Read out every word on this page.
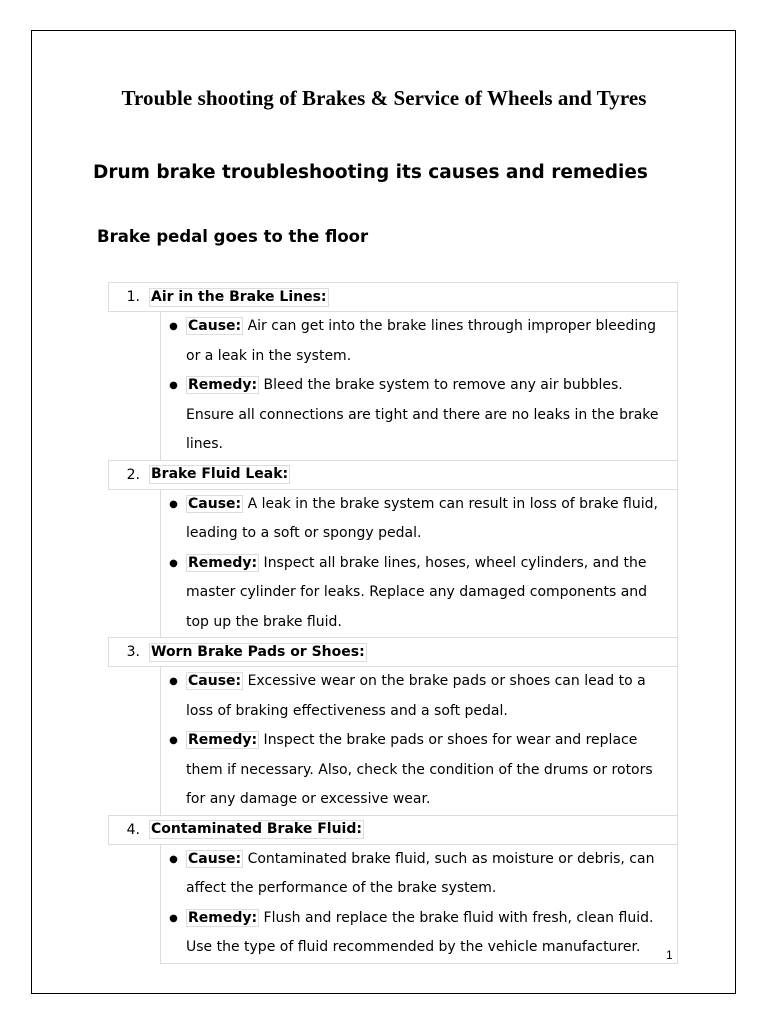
Trouble shooting of Brakes & Service of Wheels and Tyres
Drum brake troubleshooting its causes and remedies
Brake pedal goes to the floor
1. Air in the Brake Lines:
● Cause: Air can get into the brake lines through improper bleeding or a leak in the system.
● Remedy: Bleed the brake system to remove any air bubbles. Ensure all connections are tight and there are no leaks in the brake lines.
2. Brake Fluid Leak:
● Cause: A leak in the brake system can result in loss of brake fluid, leading to a soft or spongy pedal.
● Remedy: Inspect all brake lines, hoses, wheel cylinders, and the master cylinder for leaks. Replace any damaged components and top up the brake fluid.
3. Worn Brake Pads or Shoes:
● Cause: Excessive wear on the brake pads or shoes can lead to a loss of braking effectiveness and a soft pedal.
● Remedy: Inspect the brake pads or shoes for wear and replace them if necessary. Also, check the condition of the drums or rotors for any damage or excessive wear.
4. Contaminated Brake Fluid:
● Cause: Contaminated brake fluid, such as moisture or debris, can affect the performance of the brake system.
● Remedy: Flush and replace the brake fluid with fresh, clean fluid. Use the type of fluid recommended by the vehicle manufacturer.	1
